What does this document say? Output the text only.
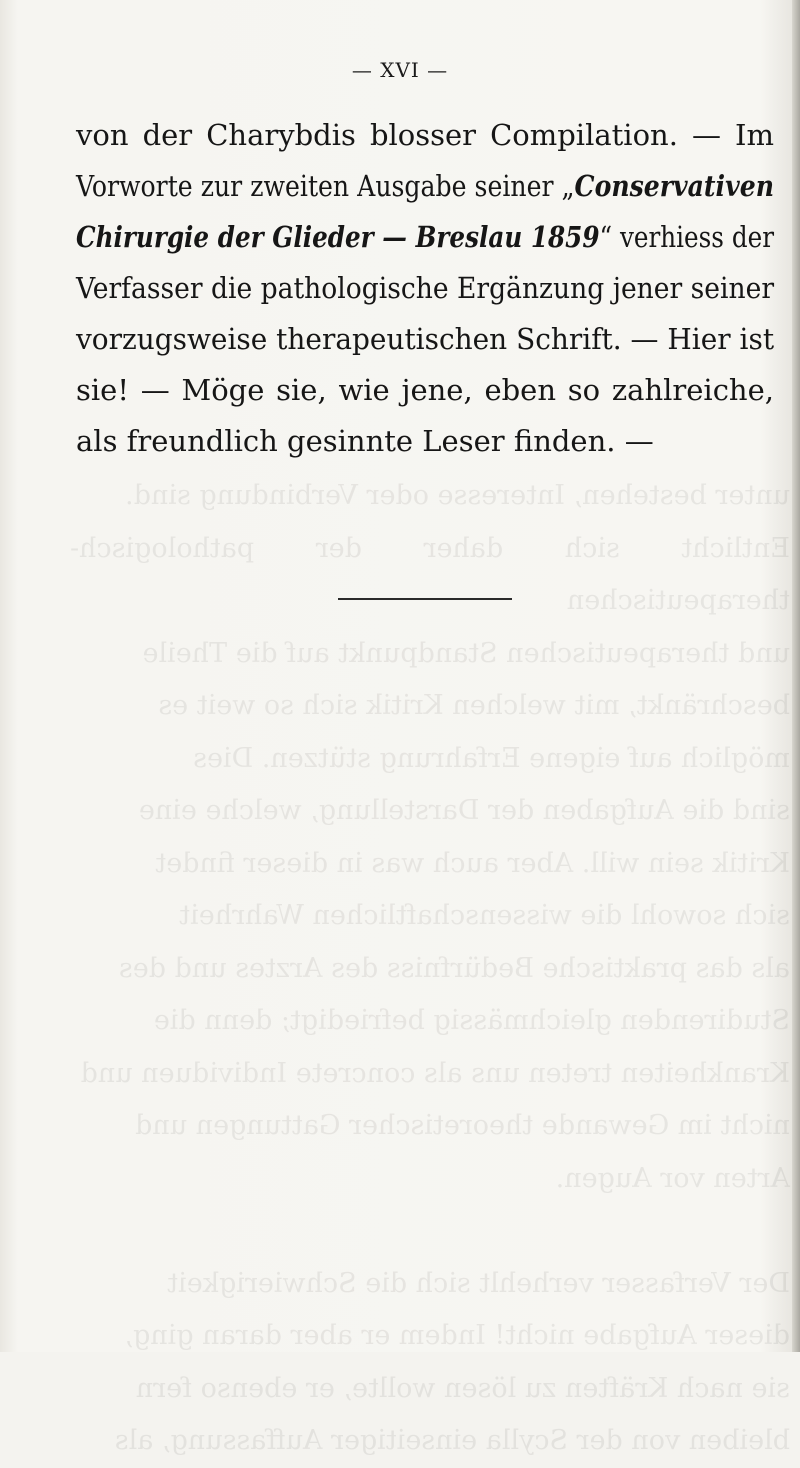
unter bestehen, Interesse oder Verbindung sind.
Entlicht sich daher der pathologisch-therapeutischen
und therapeutischen Standpunkt auf die Theile
beschränkt, mit welchen Kritik sich so weit es
möglich auf eigene Erfahrung stützen. Dies
sind die Aufgaben der Darstellung, welche eine
Kritik sein will. Aber auch was in dieser findet
sich sowohl die wissenschaftlichen Wahrheit
als das praktische Bedürfniss des Arztes und des
Studirenden gleichmässig befriedigt; denn die
Krankheiten treten uns als concrete Individuen und
nicht im Gewande theoretischer Gattungen und
Arten vor Augen.

Der Verfasser verhehlt sich die Schwierigkeit
dieser Aufgabe nicht! Indem er aber daran ging,
sie nach Kräften zu lösen wollte, er ebenso fern
bleiben von der Scylla einseitiger Auffassung, als
— XVI —
von der Charybdis blosser Compilation. — Im
Vorworte zur zweiten Ausgabe seiner „Conservativen
Chirurgie der Glieder — Breslau 1859“ verhiess der
Verfasser die pathologische Ergänzung jener seiner
vorzugsweise therapeutischen Schrift. — Hier ist
sie! — Möge sie, wie jene, eben so zahlreiche,
als freundlich gesinnte Leser finden. —
